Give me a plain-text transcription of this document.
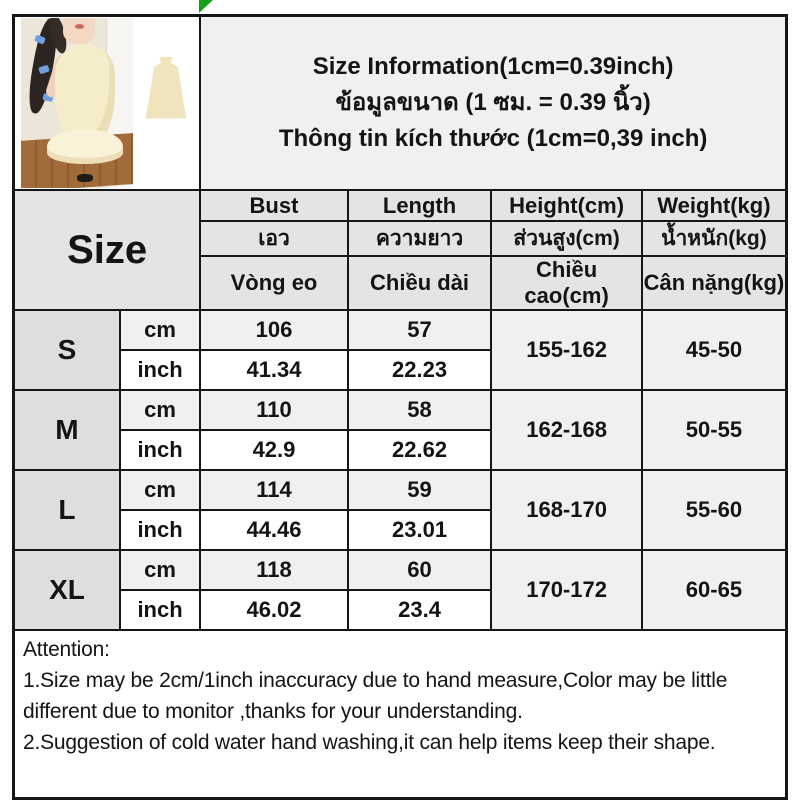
		Size Information(1cm=0.39inch)
ข้อมูลขนาด (1 ซม. = 0.39 นิ้ว)
Thông tin kích thước (1cm=0,39 inch)			

Size		Bust	Length	Height(cm)	Weight(kg)
		เอว	ความยาว	ส่วนสูง(cm)	น้ำหนัก(kg)
		Vòng eo	Chiều dài	Chiều cao(cm)	Cân nặng(kg)
S	cm	106	57	155-162	45-50
	inch	41.34	22.23		
M	cm	110	58	162-168	50-55
	inch	42.9	22.62		
L	cm	114	59	168-170	55-60
	inch	44.46	23.01		
XL	cm	118	60	170-172	60-65
	inch	46.02	23.4		

Attention:
1.Size may be 2cm/1inch inaccuracy due to hand measure,Color may be little different due to monitor ,thanks for your understanding.
2.Suggestion of cold water hand washing,it can help items keep their shape.					
